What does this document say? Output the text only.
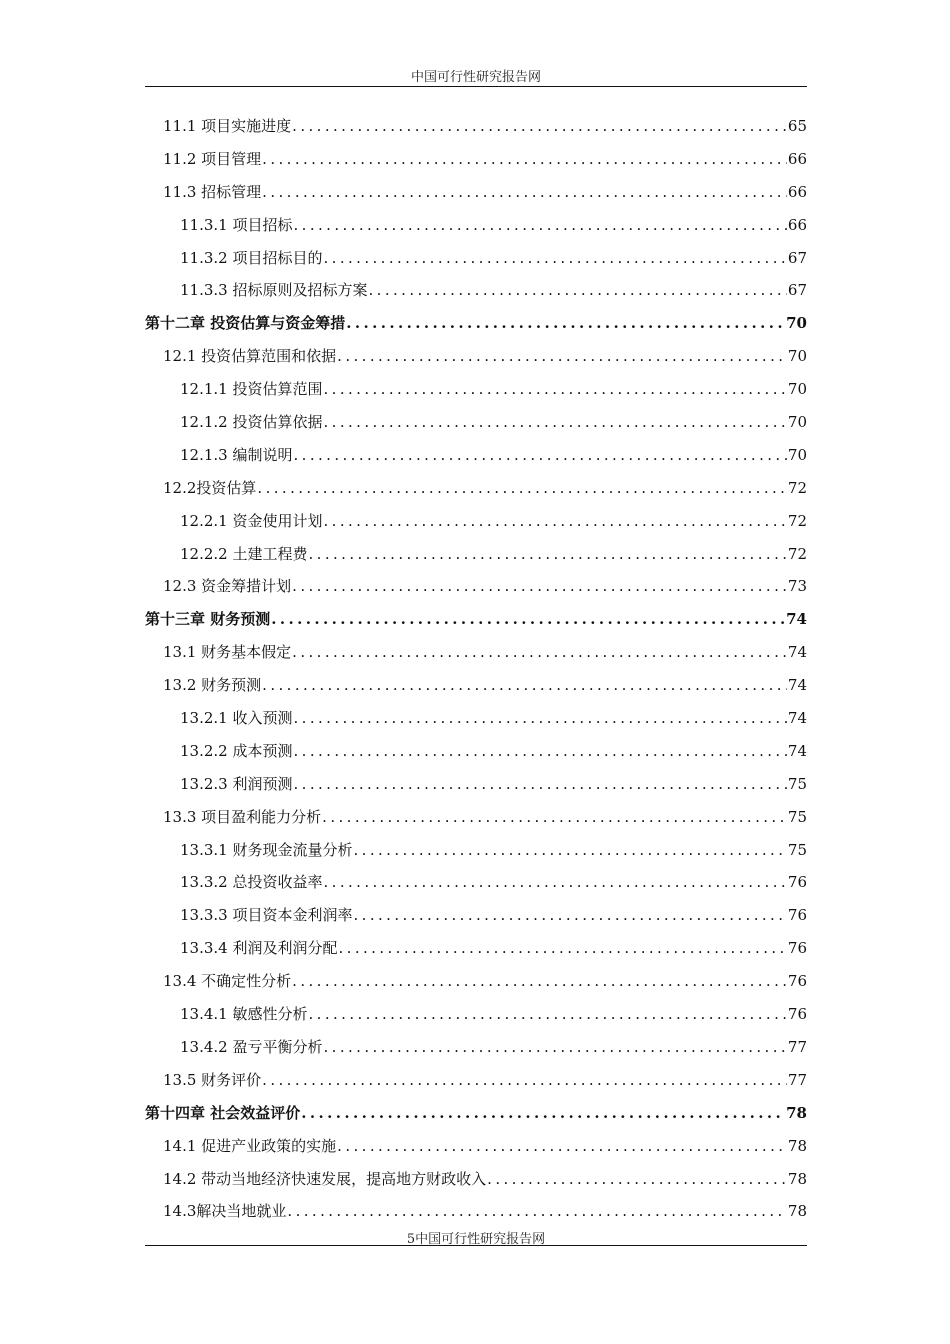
中国可行性研究报告网
11.1 项目实施进度 .....	65
11.2 项目管理 .....	66
11.3 招标管理 .....	66
11.3.1 项目招标 .....	66
11.3.2 项目招标目的 .....	67
11.3.3 招标原则及招标方案 .....	67
第十二章 投资估算与资金筹措 .....	70
12.1 投资估算范围和依据 .....	70
12.1.1 投资估算范围 .....	70
12.1.2 投资估算依据 .....	70
12.1.3 编制说明 .....	70
12.2投资估算 .....	72
12.2.1 资金使用计划 .....	72
12.2.2 土建工程费 .....	72
12.3 资金筹措计划 .....	73
第十三章 财务预测 .....	74
13.1 财务基本假定 .....	74
13.2 财务预测 .....	74
13.2.1 收入预测 .....	74
13.2.2 成本预测 .....	74
13.2.3 利润预测 .....	75
13.3 项目盈利能力分析 .....	75
13.3.1 财务现金流量分析 .....	75
13.3.2 总投资收益率 .....	76
13.3.3 项目资本金利润率 .....	76
13.3.4 利润及利润分配 .....	76
13.4 不确定性分析 .....	76
13.4.1 敏感性分析 .....	76
13.4.2 盈亏平衡分析 .....	77
13.5 财务评价 .....	77
第十四章 社会效益评价 .....	78
14.1 促进产业政策的实施 .....	78
14.2 带动当地经济快速发展，提高地方财政收入 .....	78
14.3解决当地就业 .....	78
5中国可行性研究报告网
